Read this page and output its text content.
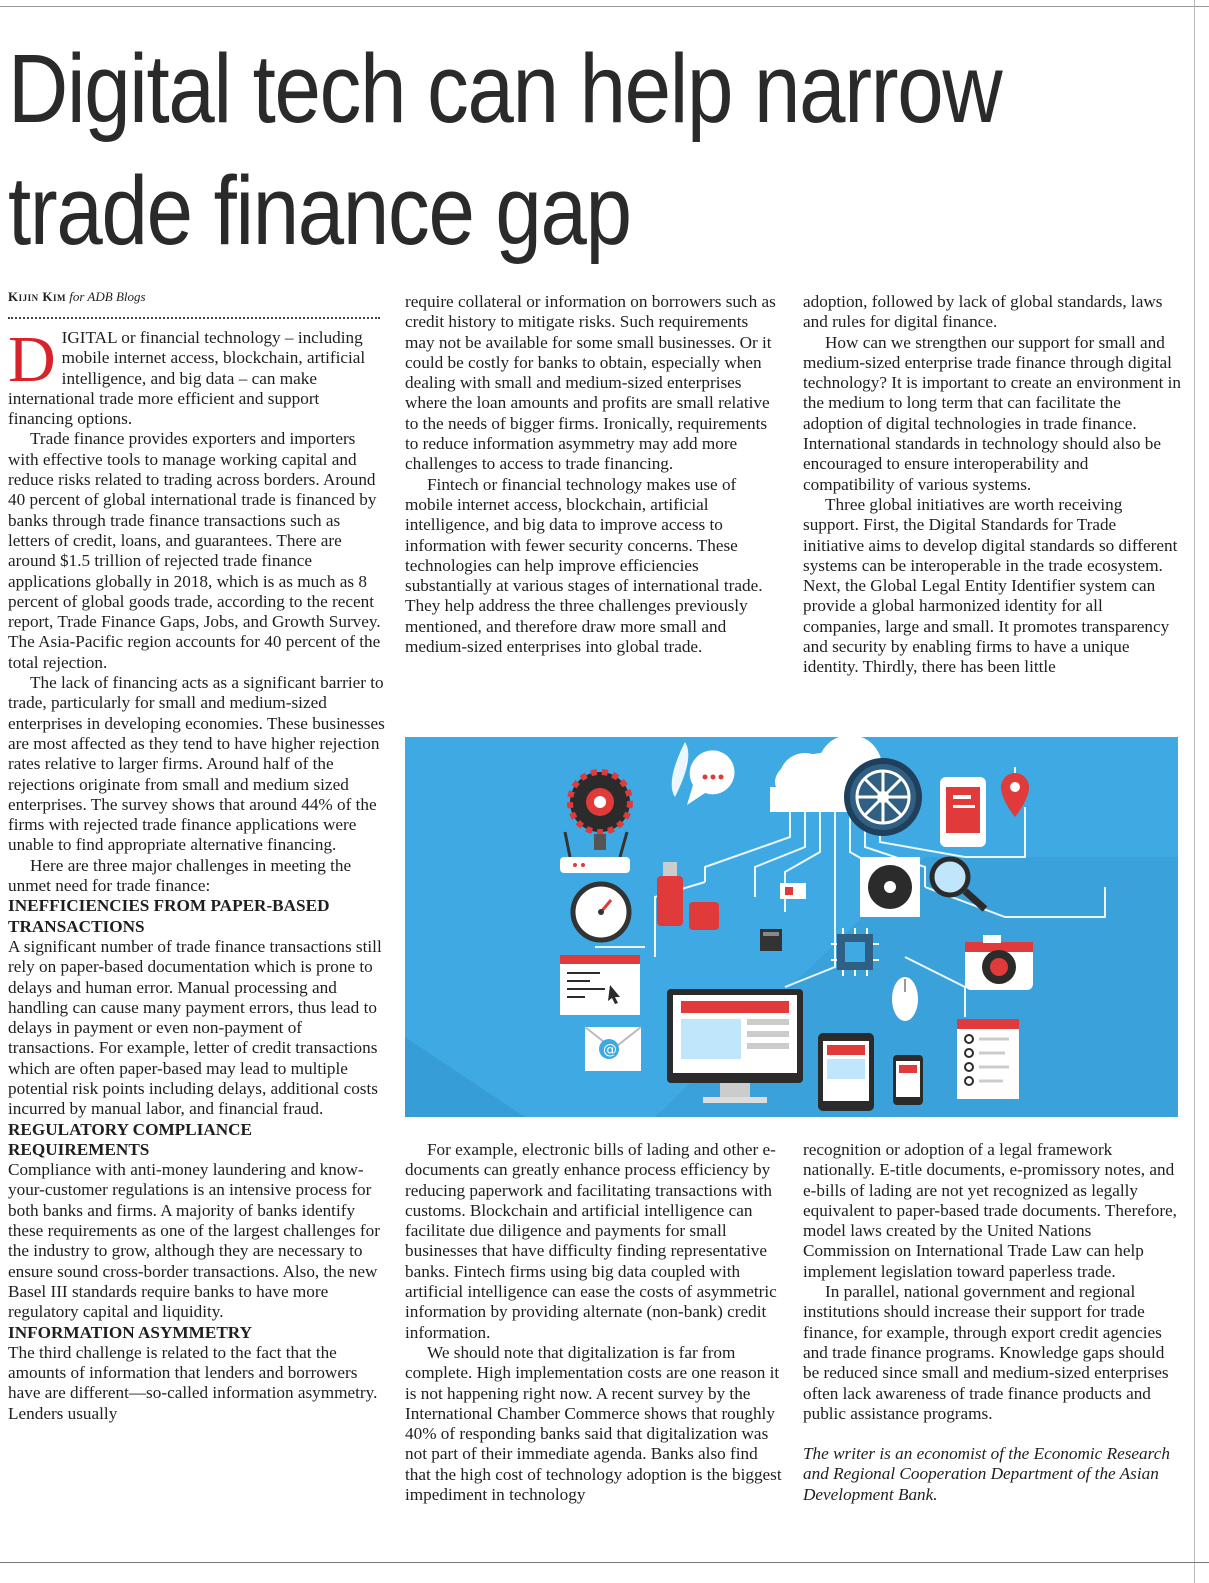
Digital tech can help narrow
trade finance gap
Kijin Kim for ADB Blogs

DIGITAL or financial technology – including mobile internet access, blockchain, artificial intelligence, and big data – can make international trade more efficient and support financing options.

Trade finance provides exporters and importers with effective tools to manage working capital and reduce risks related to trading across borders. Around 40 percent of global international trade is financed by banks through trade finance transactions such as letters of credit, loans, and guarantees. There are around $1.5 trillion of rejected trade finance applications globally in 2018, which is as much as 8 percent of global goods trade, according to the recent report, Trade Finance Gaps, Jobs, and Growth Survey. The Asia-Pacific region accounts for 40 percent of the total rejection.

The lack of financing acts as a significant barrier to trade, particularly for small and medium-sized enterprises in developing economies. These businesses are most affected as they tend to have higher rejection rates relative to larger firms. Around half of the rejections originate from small and medium sized enterprises. The survey shows that around 44% of the firms with rejected trade finance applications were unable to find appropriate alternative financing.

Here are three major challenges in meeting the unmet need for trade finance:

INEFFICIENCIES FROM PAPER-BASED TRANSACTIONS

A significant number of trade finance transactions still rely on paper-based documentation which is prone to delays and human error. Manual processing and handling can cause many payment errors, thus lead to delays in payment or even non-payment of transactions. For example, letter of credit transactions which are often paper-based may lead to multiple potential risk points including delays, additional costs incurred by manual labor, and financial fraud.

REGULATORY COMPLIANCE REQUIREMENTS

Compliance with anti-money laundering and know-your-customer regulations is an intensive process for both banks and firms. A majority of banks identify these requirements as one of the largest challenges for the industry to grow, although they are necessary to ensure sound cross-border transactions. Also, the new Basel III standards require banks to have more regulatory capital and liquidity.

INFORMATION ASYMMETRY

The third challenge is related to the fact that the amounts of information that lenders and borrowers have are different—so-called information asymmetry. Lenders usually

require collateral or information on borrowers such as credit history to mitigate risks. Such requirements may not be available for some small businesses. Or it could be costly for banks to obtain, especially when dealing with small and medium-sized enterprises where the loan amounts and profits are small relative to the needs of bigger firms. Ironically, requirements to reduce information asymmetry may add more challenges to access to trade financing.

Fintech or financial technology makes use of mobile internet access, blockchain, artificial intelligence, and big data to improve access to information with fewer security concerns. These technologies can help improve efficiencies substantially at various stages of international trade. They help address the three challenges previously mentioned, and therefore draw more small and medium-sized enterprises into global trade.

adoption, followed by lack of global standards, laws and rules for digital finance.

How can we strengthen our support for small and medium-sized enterprise trade finance through digital technology? It is important to create an environment in the medium to long term that can facilitate the adoption of digital technologies in trade finance. International standards in technology should also be encouraged to ensure interoperability and compatibility of various systems.

Three global initiatives are worth receiving support. First, the Digital Standards for Trade initiative aims to develop digital standards so different systems can be interoperable in the trade ecosystem. Next, the Global Legal Entity Identifier system can provide a global harmonized identity for all companies, large and small. It promotes transparency and security by enabling firms to have a unique identity. Thirdly, there has been little

@

For example, electronic bills of lading and other e-documents can greatly enhance process efficiency by reducing paperwork and facilitating transactions with customs. Blockchain and artificial intelligence can facilitate due diligence and payments for small businesses that have difficulty finding representative banks. Fintech firms using big data coupled with artificial intelligence can ease the costs of asymmetric information by providing alternate (non-bank) credit information.

We should note that digitalization is far from complete. High implementation costs are one reason it is not happening right now. A recent survey by the International Chamber Commerce shows that roughly 40% of responding banks said that digitalization was not part of their immediate agenda. Banks also find that the high cost of technology adoption is the biggest impediment in technology

recognition or adoption of a legal framework nationally. E-title documents, e-promissory notes, and e-bills of lading are not yet recognized as legally equivalent to paper-based trade documents. Therefore, model laws created by the United Nations Commission on International Trade Law can help implement legislation toward paperless trade.

In parallel, national government and regional institutions should increase their support for trade finance, for example, through export credit agencies and trade finance programs. Knowledge gaps should be reduced since small and medium-sized enterprises often lack awareness of trade finance products and public assistance programs.

The writer is an economist of the Economic Research and Regional Cooperation Department of the Asian Development Bank.
